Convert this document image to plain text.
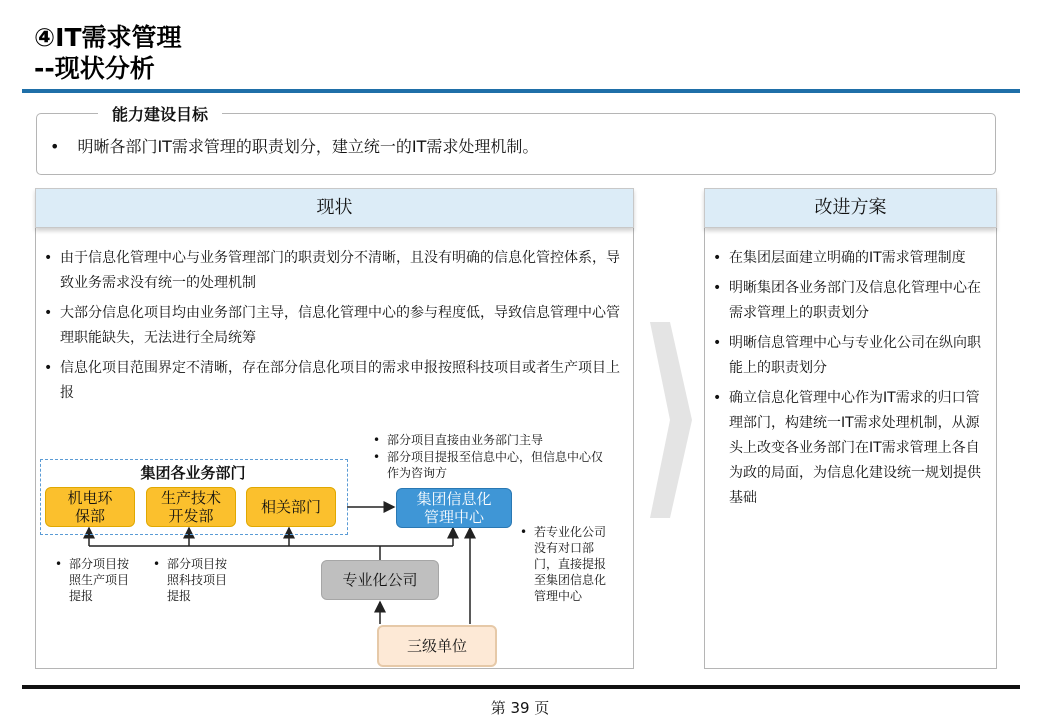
④IT需求管理
--现状分析
能力建设目标
• 明晰各部门IT需求管理的职责划分，建立统一的IT需求处理机制。
现状
• 由于信息化管理中心与业务管理部门的职责划分不清晰，且没有明确的信息化管控体系，导致业务需求没有统一的处理机制
• 大部分信息化项目均由业务部门主导，信息化管理中心的参与程度低，导致信息管理中心管理职能缺失，无法进行全局统筹
• 信息化项目范围界定不清晰，存在部分信息化项目的需求申报按照科技项目或者生产项目上报
集团各业务部门
机电环保部
生产技术开发部	相关部门	集团信息化管理中心
专业化公司
三级单位
• 部分项目直接由业务部门主导
• 部分项目提报至信息中心，但信息中心仅作为咨询方
• 部分项目按照生产项目提报
• 部分项目按照科技项目提报
• 若专业化公司没有对口部门，直接提报至集团信息化管理中心
改进方案
• 在集团层面建立明确的IT需求管理制度
• 明晰集团各业务部门及信息化管理中心在需求管理上的职责划分
• 明晰信息管理中心与专业化公司在纵向职能上的职责划分
• 确立信息化管理中心作为IT需求的归口管理部门，构建统一IT需求处理机制，从源头上改变各业务部门在IT需求管理上各自为政的局面，为信息化建设统一规划提供基础
第 39 页
